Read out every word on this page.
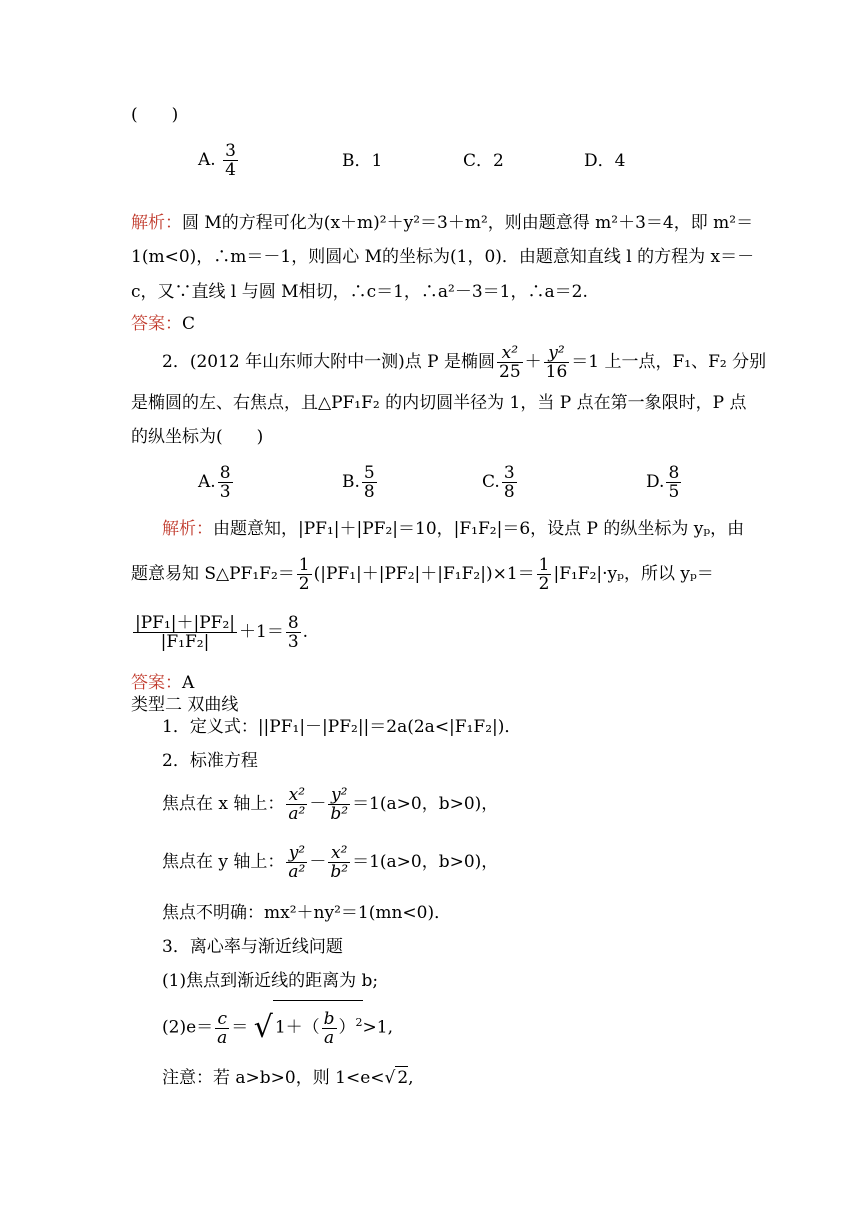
(　　)
A. $\frac{3}{4}$	B．1	C．2	D．4
解析：圆 M的方程可化为(x＋m)²＋y²＝3＋m²，则由题意得 m²＋3＝4，即 m²＝
1(m<0)，∴m＝－1，则圆心 M的坐标为(1，0)．由题意知直线 l 的方程为 x＝－
c，又∵直线 l 与圆 M相切，∴c＝1，∴a²－3＝1，∴a＝2.
答案：C
2．(2012 年山东师大附中一测)点 P 是椭圆 $\frac{\text{x²}}{25} + \frac{\text{y²}}{16} =1$ 上一点，F₁、F₂ 分别
是椭圆的左、右焦点，且△PF₁F₂ 的内切圆半径为 1，当 P 点在第一象限时，P 点
的纵坐标为(　　)
A. $\frac{8}{3}$	B. $\frac{5}{8}$	C. $\frac{3}{8}$	D. $\frac{8}{5}$
解析：由题意知，|PF₁|＋|PF₂|＝10，|F₁F₂|＝6，设点 P 的纵坐标为 yₚ，由
题意易知 S△PF₁F₂＝ $\frac{1}{2} (|PF_1|+|PF_2|+|F_1F_2|)\times 1= \frac{1}{2} |F_1F_2|\cdot y_p$，所以 yₚ＝
$\frac{\text{|PF₁|＋|PF₂|}}{\text{|F₁F₂|}} +1= \frac{8}{3}$ .
答案：A
类型二 双曲线
1．定义式：||PF₁|－|PF₂||＝2a(2a<|F₁F₂|)．
2．标准方程
焦点在 x 轴上： $\frac{\text{x²}}{\text{a²}} - \frac{\text{y²}}{\text{b²}} =1(a>0$，b>0)，
焦点在 y 轴上： $\frac{\text{y²}}{\text{a²}} - \frac{\text{x²}}{\text{b²}} =1(a>0$，b>0)，
焦点不明确：mx²＋ny²＝1(mn<0)．
3．离心率与渐近线问题
(1)焦点到渐近线的距离为 b;
$(2)e= \frac{c}{a}$ ＝ √ $1+( \frac{b}{a} )^2>1$,
注意：若 a>b>0，则 1<e<√ 2,
